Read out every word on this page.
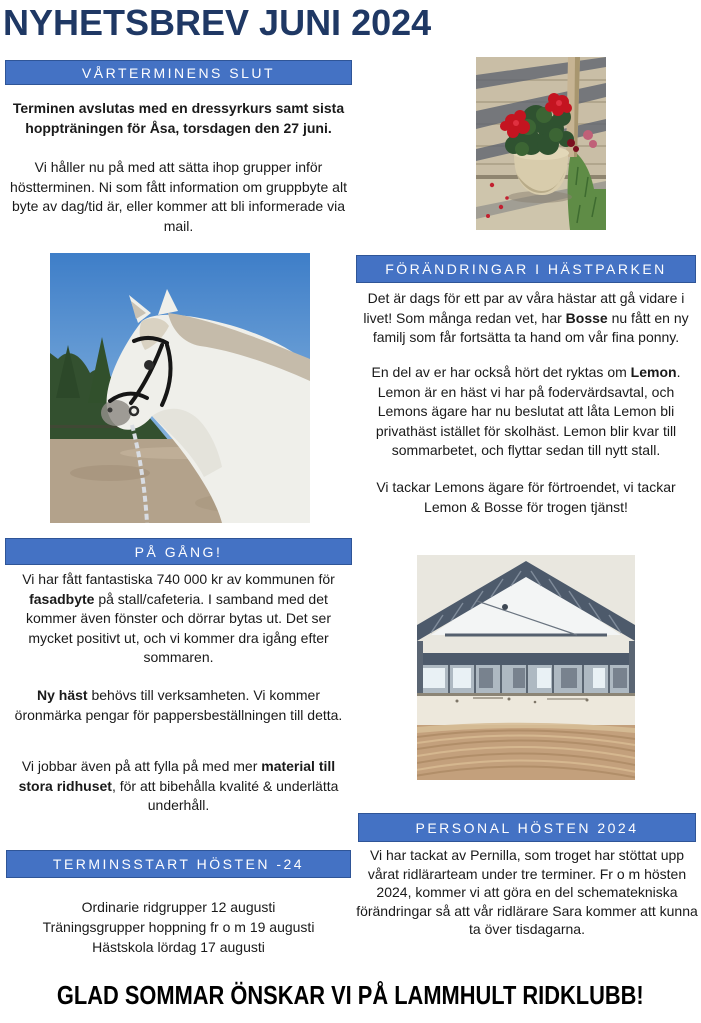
NYHETSBREV JUNI 2024
VÅRTERMINENS SLUT

Terminen avslutas med en dressyrkurs samt sista hoppträningen för Åsa, torsdagen den 27 juni.

Vi håller nu på med att sätta ihop grupper inför höstterminen. Ni som fått information om gruppbyte alt byte av dag/tid är, eller kommer att bli informerade via mail.

PÅ GÅNG!

Vi har fått fantastiska 740 000 kr av kommunen för fasadbyte på stall/cafeteria. I samband med det kommer även fönster och dörrar bytas ut. Det ser mycket positivt ut, och vi kommer dra igång efter sommaren.

Ny häst behövs till verksamheten. Vi kommer öronmärka pengar för pappersbeställningen till detta.

Vi jobbar även på att fylla på med mer material till stora ridhuset, för att bibehålla kvalité & underlätta underhåll.

TERMINSSTART HÖSTEN -24
Ordinarie ridgrupper 12 augusti
Träningsgrupper hoppning fr o m 19 augusti
Hästskola lördag 17 augusti
FÖRÄNDRINGAR I HÄSTPARKEN

Det är dags för ett par av våra hästar att gå vidare i livet! Som många redan vet, har Bosse nu fått en ny familj som får fortsätta ta hand om vår fina ponny.

En del av er har också hört det ryktas om Lemon. Lemon är en häst vi har på fodervärdsavtal, och Lemons ägare har nu beslutat att låta Lemon bli privathäst istället för skolhäst. Lemon blir kvar till sommarbetet, och flyttar sedan till nytt stall.

Vi tackar Lemons ägare för förtroendet, vi tackar Lemon & Bosse för trogen tjänst!

PERSONAL HÖSTEN 2024

Vi har tackat av Pernilla, som troget har stöttat upp vårat ridlärarteam under tre terminer. Fr o m hösten 2024, kommer vi att göra en del schematekniska förändringar så att vår ridlärare Sara kommer att kunna ta över tisdagarna.

GLAD SOMMAR ÖNSKAR VI PÅ LAMMHULT RIDKLUBB!
